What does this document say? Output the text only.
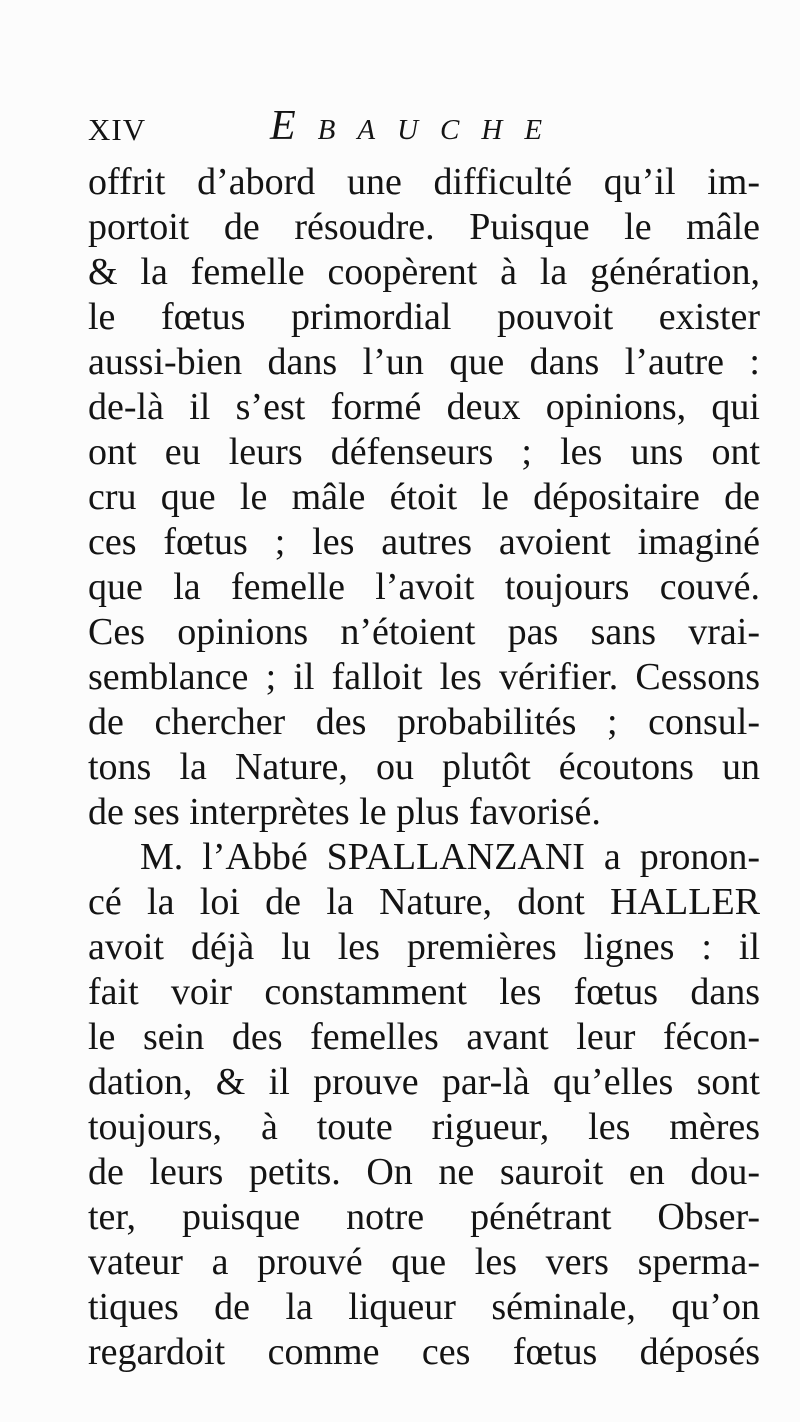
XIV	EBAUCHE
offrit d’abord une difficulté qu’il im-
portoit de résoudre. Puisque le mâle
& la femelle coopèrent à la génération,
le fœtus primordial pouvoit exister
aussi-bien dans l’un que dans l’autre :
de-là il s’est formé deux opinions, qui
ont eu leurs défenseurs ; les uns ont
cru que le mâle étoit le dépositaire de
ces fœtus ; les autres avoient imaginé
que la femelle l’avoit toujours couvé.
Ces opinions n’étoient pas sans vrai-
semblance ; il falloit les vérifier. Cessons
de chercher des probabilités ; consul-
tons la Nature, ou plutôt écoutons un
de ses interprètes le plus favorisé.
M. l’Abbé SPALLANZANI a pronon-
cé la loi de la Nature, dont HALLER
avoit déjà lu les premières lignes : il
fait voir constamment les fœtus dans
le sein des femelles avant leur fécon-
dation, & il prouve par-là qu’elles sont
toujours, à toute rigueur, les mères
de leurs petits. On ne sauroit en dou-
ter, puisque notre pénétrant Obser-
vateur a prouvé que les vers sperma-
tiques de la liqueur séminale, qu’on
regardoit comme ces fœtus déposés
